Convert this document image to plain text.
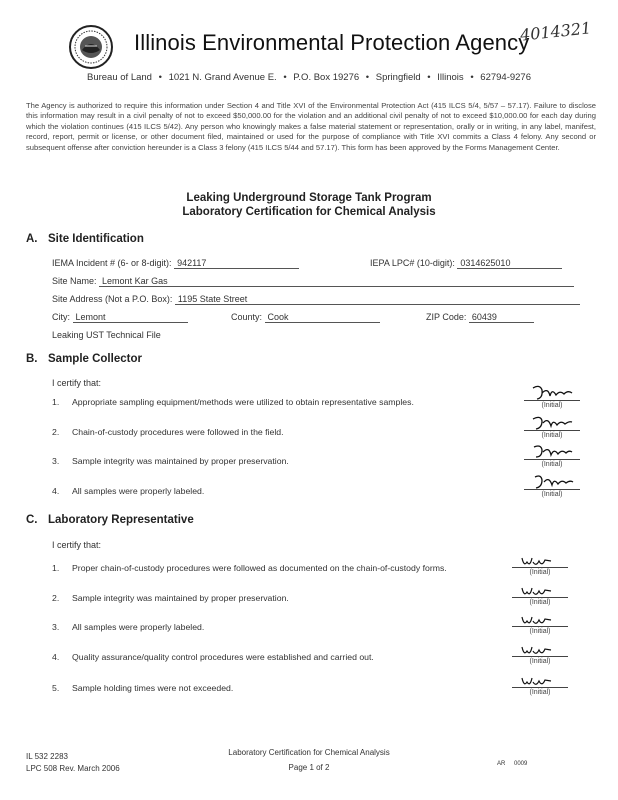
Illinois Environmental Protection Agency
4014321
Bureau of Land • 1021 N. Grand Avenue E. • P.O. Box 19276 • Springfield • Illinois • 62794-9276
The Agency is authorized to require this information under Section 4 and Title XVI of the Environmental Protection Act (415 ILCS 5/4, 5/57 – 57.17). Failure to disclose this information may result in a civil penalty of not to exceed $50,000.00 for the violation and an additional civil penalty of not to exceed $10,000.00 for each day during which the violation continues (415 ILCS 5/42). Any person who knowingly makes a false material statement or representation, orally or in writing, in any label, manifest, record, report, permit or license, or other document filed, maintained or used for the purpose of compliance with Title XVI commits a Class 4 felony. Any second or subsequent offense after conviction hereunder is a Class 3 felony (415 ILCS 5/44 and 57.17). This form has been approved by the Forms Management Center.
Leaking Underground Storage Tank Program
Laboratory Certification for Chemical Analysis
A. Site Identification
IEMA Incident # (6- or 8-digit): 942117	IEPA LPC# (10-digit): 0314625010
Site Name: Lemont Kar Gas
Site Address (Not a P.O. Box): 1195 State Street
City: Lemont	County: Cook	ZIP Code: 60439
Leaking UST Technical File
B. Sample Collector
I certify that:
1. Appropriate sampling equipment/methods were utilized to obtain representative samples.	(Initial)
2. Chain-of-custody procedures were followed in the field.	(Initial)
3. Sample integrity was maintained by proper preservation.	(Initial)
4. All samples were properly labeled.	(Initial)
C. Laboratory Representative
I certify that:
1. Proper chain-of-custody procedures were followed as documented on the chain-of-custody forms.	(Initial)
2. Sample integrity was maintained by proper preservation.	(Initial)
3. All samples were properly labeled.	(Initial)
4. Quality assurance/quality control procedures were established and carried out.	(Initial)
5. Sample holding times were not exceeded.	(Initial)
IL 532 2283
LPC 508 Rev. March 2006
Laboratory Certification for Chemical Analysis
Page 1 of 2	AR 0009
